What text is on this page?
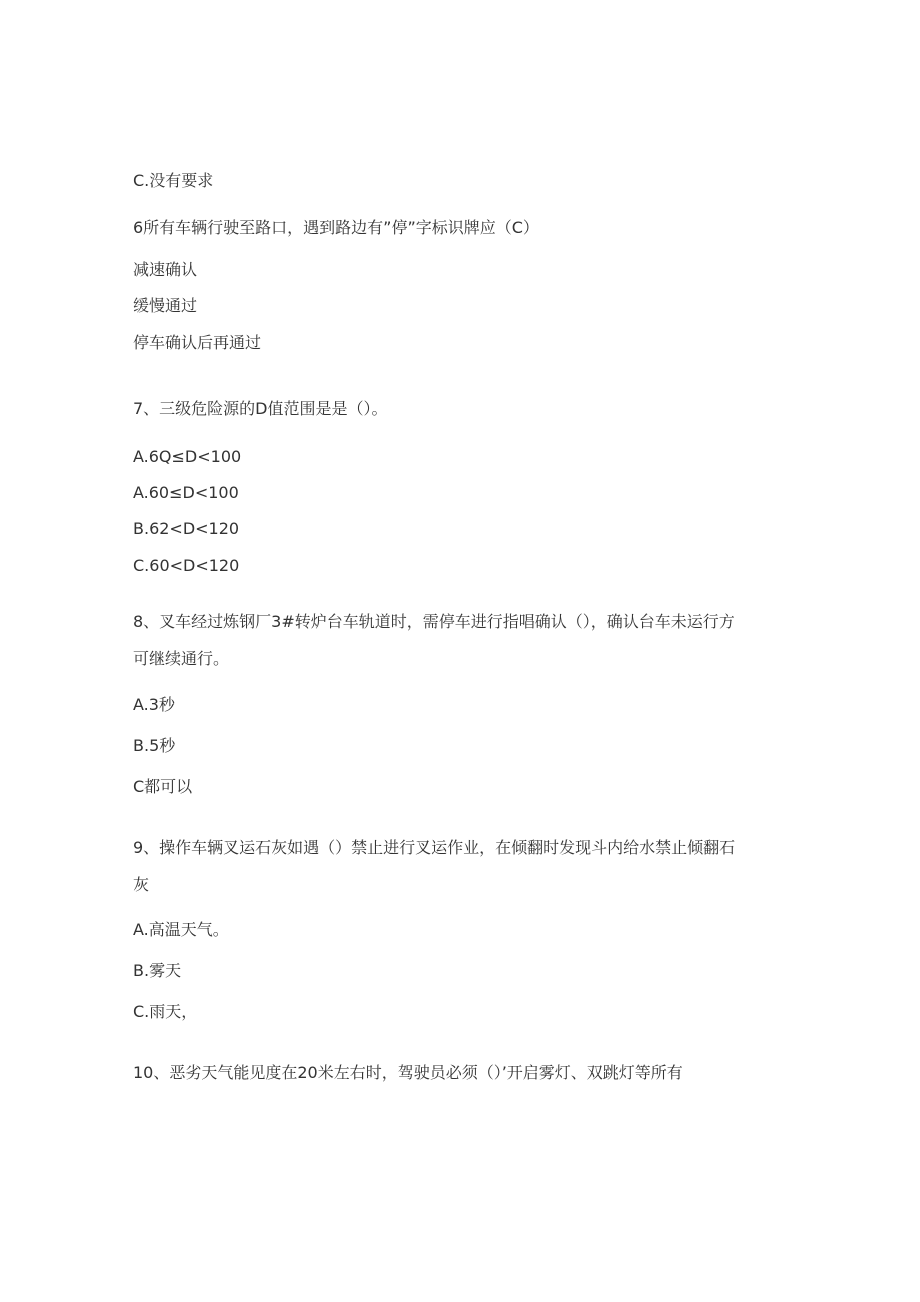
C.没有要求
6所有车辆行驶至路口，遇到路边有”停”字标识牌应（C）
减速确认
缓慢通过
停车确认后再通过
7、三级危险源的D值范围是是（）。
A.6Q≤D<100
A.60≤D<100
B.62<D<120
C.60<D<120
8、叉车经过炼钢厂3#转炉台车轨道时，需停车进行指唱确认（），确认台车未运行方
可继续通行。
A.3秒
B.5秒
C都可以
9、操作车辆叉运石灰如遇（）禁止进行叉运作业，在倾翻时发现斗内给水禁止倾翻石
灰
A.高温天气。
B.雾天
C.雨天，
10、恶劣天气能见度在20米左右时，驾驶员必须（）’开启雾灯、双跳灯等所有
